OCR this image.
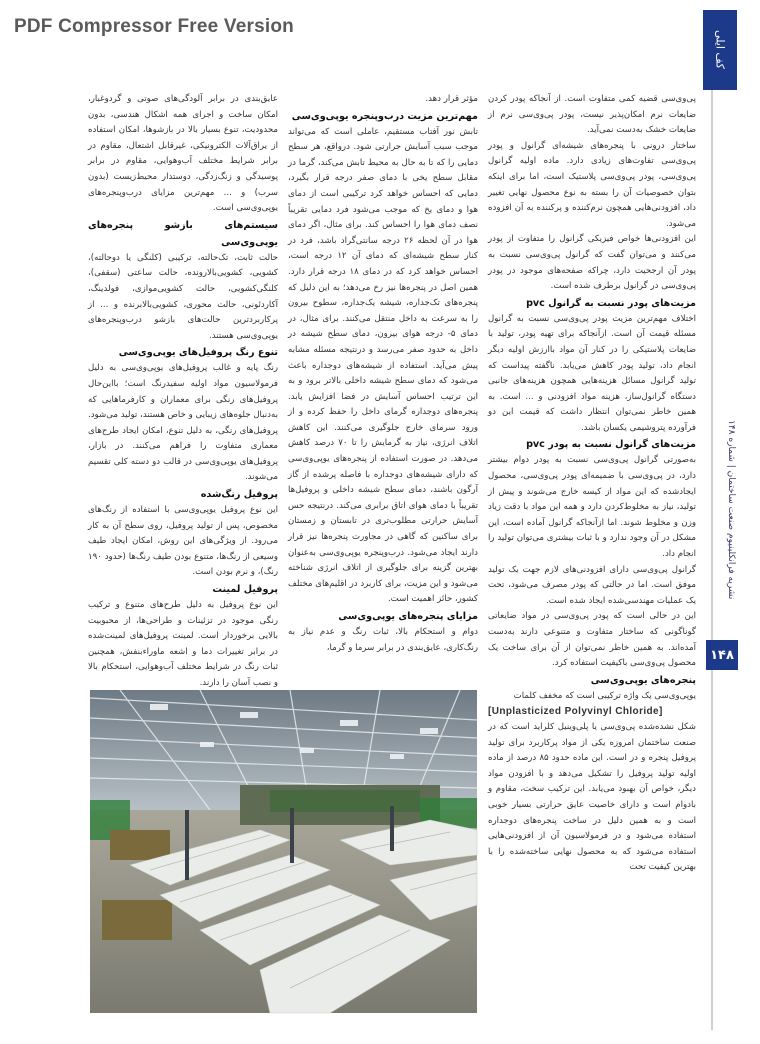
PDF Compressor Free Version
کف ایلی
نشریه فرانکلینیوم صنعت ساختمان | شماره ۱۴۸
۱۴۸

پی‌وی‌سی قضیه کمی متفاوت است. از آنجاکه پودر کردن ضایعات نرم امکان‌پذیر نیست، پودر پی‌وی‌سی نرم از ضایعات خشک به‌دست نمی‌آید.

ساختار درونی با پنجره‌های شیشه‌ای گرانول و پودر پی‌وی‌سی تفاوت‌های زیادی دارد. ماده اولیه گرانول پی‌وی‌سی، پودر پی‌وی‌سی پلاستیک است، اما برای اینکه بتوان خصوصیات آن را بسته به نوع محصول نهایی تغییر داد، افزودنی‌هایی همچون نرم‌کننده و پرکننده به آن افزوده می‌شود.

این افزودنی‌ها خواص فیزیکی گرانول را متفاوت از پودر می‌کنند و می‌توان گفت که گرانول پی‌وی‌سی نسبت به پودر آن ارجحیت دارد، چراکه صفحه‌های موجود در پودر پی‌وی‌سی در گرانول برطرف شده است.

مزیت‌های پودر نسبت به گرانول pvc

اختلاف مهم‌ترین مزیت پودر پی‌وی‌سی نسبت به گرانول مسئله قیمت آن است. ازآنجاکه برای تهیه پودر، تولید با ضایعات پلاستیکی را در کنار آن مواد باارزش اولیه دیگر انجام داد، تولید پودر کاهش می‌یابد. ناگفته پیداست که تولید گرانول مسائل هزینه‌هایی همچون هزینه‌های جانبی دستگاه گرانول‌ساز، هزینه مواد افزودنی و ... است. به همین خاطر نمی‌توان انتظار داشت که قیمت این دو فرآورده پتروشیمی یکسان باشد.

مزیت‌های گرانول نسبت به پودر pvc

به‌صورتی گرانول پی‌وی‌سی نسبت به پودر دوام بیشتر دارد، در پی‌وی‌سی با ضمیمه‌ای پودر پی‌وی‌سی، محصول ایجادشده که این مواد از کیسه خارج می‌شوند و پیش از تولید، نیاز به مخلوط‌کردن دارد و همه این مواد با دقت زیاد وزن و مخلوط شوند. اما ازآنجاکه گرانول آماده است، این مشکل در آن وجود ندارد و با ثبات بیشتری می‌توان تولید را انجام داد.

گرانول پی‌وی‌سی دارای افزودنی‌های لازم جهت یک تولید موفق است. اما در حالتی که پودر مصرف می‌شود، تحت یک عملیات مهندسی‌شده ایجاد شده است.

این در حالی است که پودر پی‌وی‌سی در مواد ضایعاتی گوناگونی که ساختار متفاوت و متنوعی دارند به‌دست آمده‌اند. به همین خاطر نمی‌توان از آن برای ساخت یک محصول پی‌وی‌سی باکیفیت استفاده کرد.

پنجره‌های یوپی‌وی‌سی

یوپی‌وی‌سی یک واژه ترکیبی است که مخفف کلمات

[Unplasticized Polyvinyl Chloride]

شکل نشده‌شده پی‌وی‌سی یا پلی‌وینیل کلراید است که در صنعت ساختمان امروزه یکی از مواد پرکاربرد برای تولید پروفیل پنجره و در است. این ماده حدود ۸۵ درصد از ماده اولیه تولید پروفیل را تشکیل می‌دهد و با افزودن مواد دیگر، خواص آن بهبود می‌یابد. این ترکیب سخت، مقاوم و بادوام است و دارای خاصیت عایق حرارتی بسیار خوبی است و به همین دلیل در ساخت پنجره‌های دوجداره استفاده می‌شود و در فرمولاسیون آن از افزودنی‌هایی استفاده می‌شود که به محصول نهایی ساخته‌شده را با بهترین کیفیت تحت

مؤثر قرار دهد.

مهم‌ترین مزیت درب‌وپنجره یوپی‌وی‌سی

تابش نور آفتاب مستقیم، عاملی است که می‌تواند موجب سبب آسایش حرارتی شود. درواقع، هر سطح دمایی را که تا به حال به محیط تابش می‌کند، گرما در مقابل سطح یخی با دمای صفر درجه قرار بگیرد، دمایی که احساس خواهد کرد ترکیبی است از دمای هوا و دمای یخ که موجب می‌شود فرد دمایی تقریباً نصف دمای هوا را احساس کند. برای مثال، اگر دمای هوا در آن لحظه ۲۶ درجه سانتی‌گراد باشد، فرد در کنار سطح شیشه‌ای که دمای آن ۱۲ درجه است، احساس خواهد کرد که در دمای ۱۸ درجه قرار دارد. همین اصل در پنجره‌ها نیز رخ می‌دهد؛ به این دلیل که پنجره‌های تک‌جداره، شیشه یک‌جداره، سطوح بیرون را به سرعت به داخل منتقل می‌کنند. برای مثال، در دمای ۵- درجه هوای بیرون، دمای سطح شیشه در داخل به حدود صفر می‌رسد و درنتیجه مسئله مشابه پیش می‌آید. استفاده از شیشه‌های دوجداره باعث می‌شود که دمای سطح شیشه داخلی بالاتر برود و به این ترتیب احساس آسایش در فضا افزایش یابد. پنجره‌های دوجداره گرمای داخل را حفظ کرده و از ورود سرمای خارج جلوگیری می‌کنند. این کاهش اتلاف انرژی، نیاز به گرمایش را تا ۷۰ درصد کاهش می‌دهد. در صورت استفاده از پنجره‌های یوپی‌وی‌سی که دارای شیشه‌های دوجداره با فاصله پرشده از گاز آرگون باشند، دمای سطح شیشه داخلی و پروفیل‌ها تقریباً با دمای هوای اتاق برابری می‌کند. درنتیجه حس آسایش حرارتی مطلوب‌تری در تابستان و زمستان برای ساکنین که گاهی در مجاورت پنجره‌ها نیز قرار دارند ایجاد می‌شود. درب‌وپنجره یوپی‌وی‌سی به‌عنوان بهترین گزینه برای جلوگیری از اتلاف انرژی شناخته می‌شود و این مزیت، برای کاربرد در اقلیم‌های مختلف کشور، حائز اهمیت است.

مزایای پنجره‌های یوپی‌وی‌سی

دوام و استحکام بالا، ثبات رنگ و عدم نیاز به رنگ‌کاری، عایق‌بندی در برابر سرما و گرما،

عایق‌بندی در برابر آلودگی‌های صوتی و گردوغبار، امکان ساخت و اجرای همه اشکال هندسی، بدون محدودیت، تنوع بسیار بالا در بازشوها، امکان استفاده از یراق‌آلات الکترونیکی، غیرقابل اشتعال، مقاوم در برابر شرایط مختلف آب‌وهوایی، مقاوم در برابر پوسیدگی و زنگ‌زدگی، دوستدار محیط‌زیست (بدون سرب) و ... مهم‌ترین مزایای درب‌وپنجره‌های یوپی‌وی‌سی است.

سیستم‌های بازشو پنجره‌های یوپی‌وی‌سی

حالت ثابت، تک‌حالته، ترکیبی (کلنگی یا دوحالته)، کشویی، کشویی‌بالارونده، حالت ساعتی (سقفی)، کلنگی‌کشویی، حالت کشویی‌موازی، فولدینگ، آکاردئونی، حالت محوری، کشویی‌بالابرنده و ... از پرکاربردترین حالت‌های بازشو درب‌وپنجره‌های یوپی‌وی‌سی هستند.

تنوع رنگ پروفیل‌های یوپی‌وی‌سی

رنگ پایه و غالب پروفیل‌های یوپی‌وی‌سی به دلیل فرمولاسیون مواد اولیه سفیدرنگ است؛ بااین‌حال پروفیل‌های رنگی برای معماران و کارفرماهایی که به‌دنبال جلوه‌های زیبایی و خاص هستند، تولید می‌شود. پروفیل‌های رنگی، به دلیل تنوع، امکان ایجاد طرح‌های معماری متفاوت را فراهم می‌کنند. در بازار، پروفیل‌های یوپی‌وی‌سی در قالب دو دسته کلی تقسیم می‌شوند.

پروفیل رنگ‌شده

این نوع پروفیل یوپی‌وی‌سی با استفاده از رنگ‌های مخصوص، پس از تولید پروفیل، روی سطح آن به کار می‌رود. از ویژگی‌های این روش، امکان ایجاد طیف وسیعی از رنگ‌ها، متنوع بودن طیف رنگ‌ها (حدود ۱۹۰ رنگ)، و نرم بودن است.

پروفیل لمینت

این نوع پروفیل به دلیل طرح‌های متنوع و ترکیب رنگی موجود در تزئینات و طراحی‌ها، از محبوبیت بالایی برخوردار است. لمینت پروفیل‌های لمینت‌شده در برابر تغییرات دما و اشعه ماوراءبنفش، همچنین ثبات رنگ در شرایط مختلف آب‌وهوایی، استحکام بالا و نصب آسان را دارند.
